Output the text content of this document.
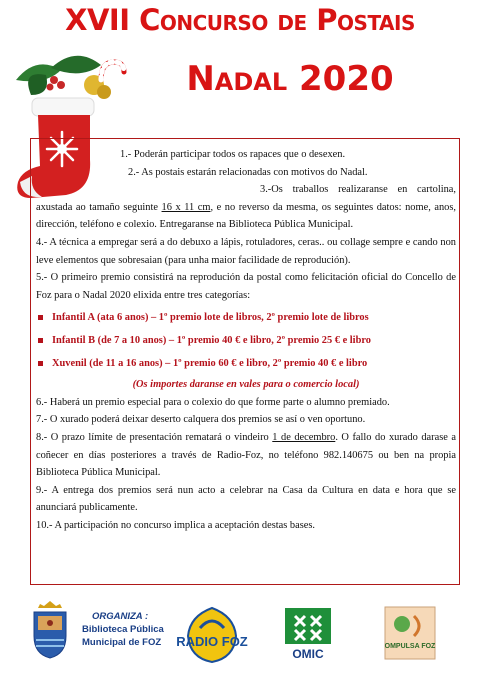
XVII Concurso de Postais
Nadal 2020

1.- Poderán participar todos os rapaces que o desexen.

2.- As postais estarán relacionadas con motivos do Nadal.

3.-Os traballos realizaranse en cartolina, axustada ao tamaño seguinte 16 x 11 cm, e no reverso da mesma, os seguintes datos: nome, anos, dirección, teléfono e colexio. Entregaranse na Biblioteca Pública Municipal.

4.- A técnica a empregar será a do debuxo a lápis, rotuladores, ceras.. ou collage sempre e cando non leve elementos que sobresaian (para unha maior facilidade de reprodución).

5.- O primeiro premio consistirá na reprodución da postal como felicitación oficial do Concello de Foz para o Nadal 2020 elixida entre tres categorías:

Infantil A (ata 6 anos) – 1º premio lote de libros, 2º premio lote de libros

Infantil B (de 7 a 10 anos) – 1º premio 40 € e libro, 2º premio 25 € e libro

Xuvenil (de 11 a 16 anos) – 1º premio 60 € e libro, 2º premio 40 € e libro

(Os importes daranse en vales para o comercio local)

6.- Haberá un premio especial para o colexio do que forme parte o alumno premiado.

7.- O xurado poderá deixar deserto calquera dos premios se así o ven oportuno.

8.- O prazo límite de presentación rematará o vindeiro 1 de decembro. O fallo do xurado darase a coñecer en días posteriores a través de Radio-Foz, no teléfono 982.140675 ou ben na propia Biblioteca Pública Municipal.

9.- A entrega dos premios será nun acto a celebrar na Casa da Cultura en data e hora que se anunciará publicamente.

10.- A participación no concurso implica a aceptación destas bases.

ORGANIZA :
Biblioteca Pública
Municipal de FOZ RADIO FOZ
OMIC
OMPULSA FOZ
